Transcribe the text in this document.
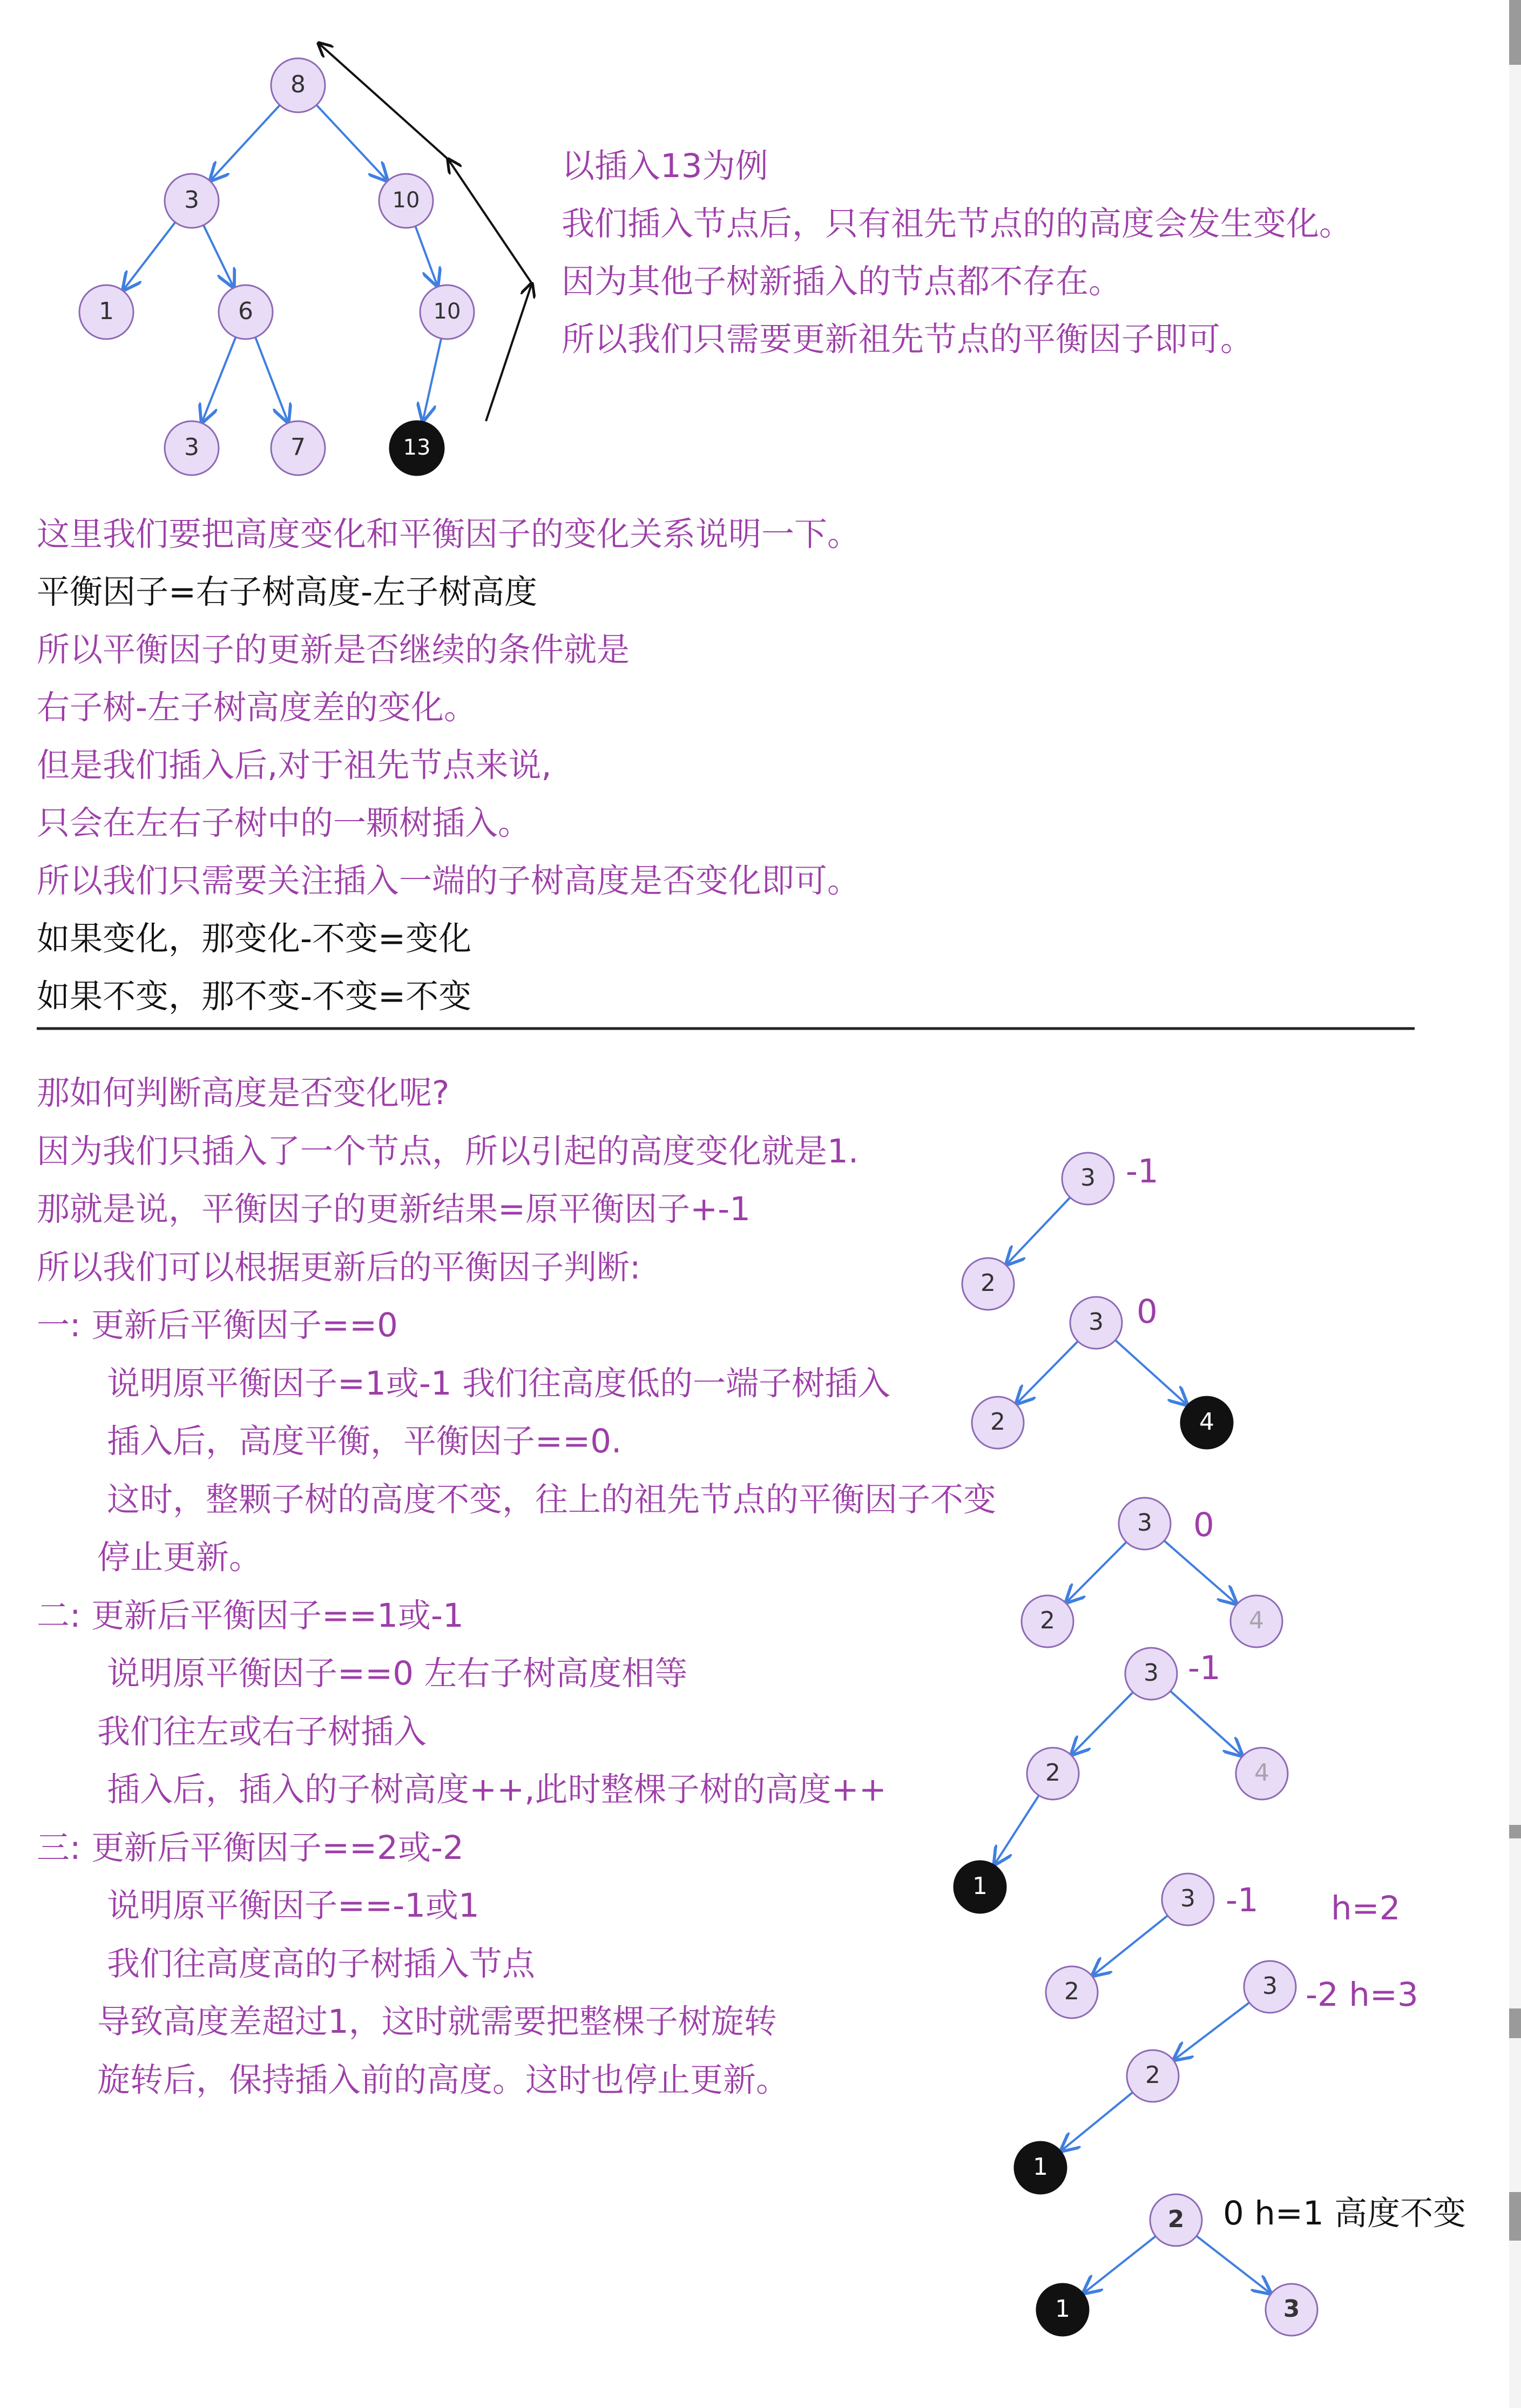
8
3	10
1	6	10
3	7	13
3
2
3
2	4
3
2	4
3
2	4
1	3
2	3
2
1
2
1	3
以插入13为例
我们插入节点后，只有祖先节点的的高度会发生变化。
因为其他子树新插入的节点都不存在。
所以我们只需要更新祖先节点的平衡因子即可。
这里我们要把高度变化和平衡因子的变化关系说明一下。
平衡因子=右子树高度-左子树高度
所以平衡因子的更新是否继续的条件就是
右子树-左子树高度差的变化。
但是我们插入后,对于祖先节点来说,
只会在左右子树中的一颗树插入。
所以我们只需要关注插入一端的子树高度是否变化即可。
如果变化，那变化-不变=变化
如果不变，那不变-不变=不变
那如何判断高度是否变化呢?
因为我们只插入了一个节点，所以引起的高度变化就是1.
那就是说，平衡因子的更新结果=原平衡因子+-1
所以我们可以根据更新后的平衡因子判断:
一: 更新后平衡因子==0
说明原平衡因子=1或-1 我们往高度低的一端子树插入
插入后，高度平衡，平衡因子==0.
这时，整颗子树的高度不变，往上的祖先节点的平衡因子不变
停止更新。
二: 更新后平衡因子==1或-1
说明原平衡因子==0 左右子树高度相等
我们往左或右子树插入
插入后，插入的子树高度++,此时整棵子树的高度++
三: 更新后平衡因子==2或-2
说明原平衡因子==-1或1
我们往高度高的子树插入节点
导致高度差超过1，这时就需要把整棵子树旋转
旋转后，保持插入前的高度。这时也停止更新。
-1
0
0
-1
-1 h=2
-2 h=3
0 h=1 高度不变
